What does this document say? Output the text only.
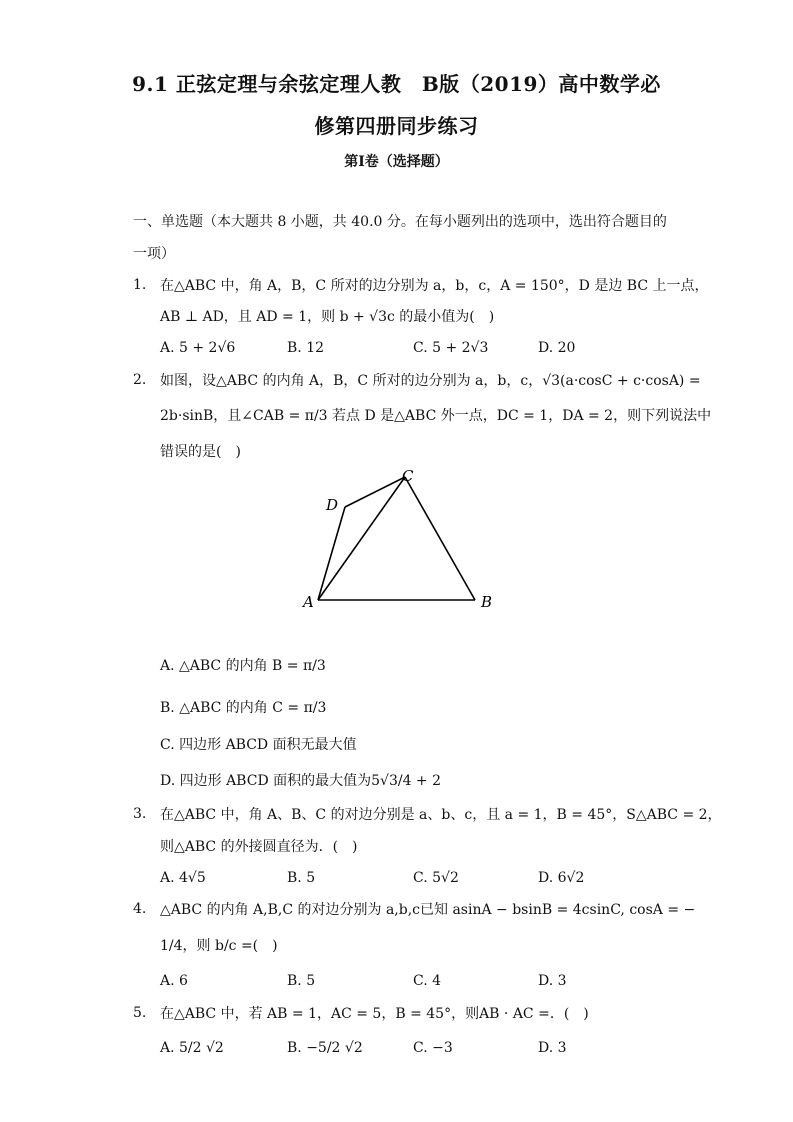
9.1 正弦定理与余弦定理人教　B版（2019）高中数学必
修第四册同步练习
第Ⅰ卷（选择题）
一、单选题（本大题共 8 小题，共 40.0 分。在每小题列出的选项中，选出符合题目的
一项）
1. 在△ABC 中，角 A，B，C 所对的边分别为 a，b，c，A = 150°，D 是边 BC 上一点，
AB ⊥ AD，且 AD = 1，则 b + √3c 的最小值为(　)
A. 5 + 2√6	B. 12	C. 5 + 2√3	D. 20
2. 如图，设△ABC 的内角 A，B，C 所对的边分别为 a，b，c，√3(a·cosC + c·cosA) =
2b·sinB，且∠CAB = π/3 若点 D 是△ABC 外一点，DC = 1，DA = 2，则下列说法中
错误的是(　)
A	B
C
D
A. △ABC 的内角 B = π/3
B. △ABC 的内角 C = π/3
C. 四边形 ABCD 面积无最大值
D. 四边形 ABCD 面积的最大值为5√3/4 + 2
3. 在△ABC 中，角 A、B、C 的对边分别是 a、b、c，且 a = 1，B = 45°，S△ABC = 2，
则△ABC 的外接圆直径为．(　)
A. 4√5	B. 5	C. 5√2	D. 6√2
4. △ABC 的内角 A,B,C 的对边分别为 a,b,c已知 asinA − bsinB = 4csinC, cosA = −
1/4，则 b/c =(　)
A. 6	B. 5	C. 4	D. 3
5. 在△ABC 中，若 AB = 1，AC = 5，B = 45°，则AB · AC =．(　)
A. 5/2 √2	B. −5/2 √2	C. −3	D. 3
